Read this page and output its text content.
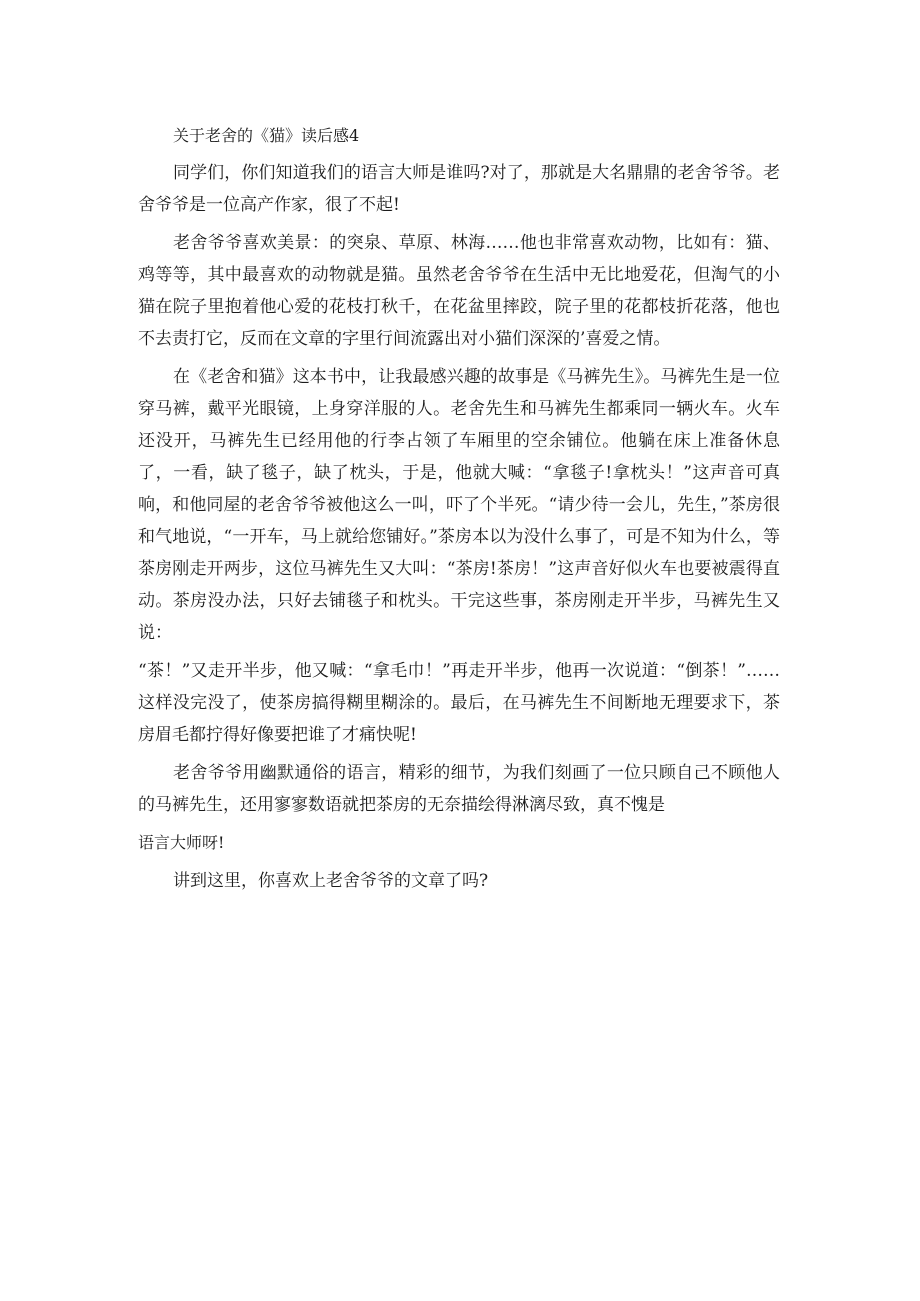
关于老舍的《猫》读后感4

同学们，你们知道我们的语言大师是谁吗?对了，那就是大名鼎鼎的老舍爷爷。老舍爷爷是一位高产作家，很了不起!

老舍爷爷喜欢美景：的突泉、草原、林海……他也非常喜欢动物，比如有：猫、鸡等等，其中最喜欢的动物就是猫。虽然老舍爷爷在生活中无比地爱花，但淘气的小猫在院子里抱着他心爱的花枝打秋千，在花盆里摔跤，院子里的花都枝折花落，他也不去责打它，反而在文章的字里行间流露出对小猫们深深的’喜爱之情。

在《老舍和猫》这本书中，让我最感兴趣的故事是《马裤先生》。马裤先生是一位穿马裤，戴平光眼镜，上身穿洋服的人。老舍先生和马裤先生都乘同一辆火车。火车还没开，马裤先生已经用他的行李占领了车厢里的空余铺位。他躺在床上准备休息了，一看，缺了毯子，缺了枕头，于是，他就大喊：“拿毯子!拿枕头！”这声音可真响，和他同屋的老舍爷爷被他这么一叫，吓了个半死。“请少待一会儿，先生，”茶房很和气地说，“一开车，马上就给您铺好。”茶房本以为没什么事了，可是不知为什么，等茶房刚走开两步，这位马裤先生又大叫：“茶房!茶房！”这声音好似火车也要被震得直动。茶房没办法，只好去铺毯子和枕头。干完这些事，茶房刚走开半步，马裤先生又说：

“茶！”又走开半步，他又喊：“拿毛巾！”再走开半步，他再一次说道：“倒茶！”……这样没完没了，使茶房搞得糊里糊涂的。最后，在马裤先生不间断地无理要求下，茶房眉毛都拧得好像要把谁了才痛快呢!

老舍爷爷用幽默通俗的语言，精彩的细节，为我们刻画了一位只顾自己不顾他人的马裤先生，还用寥寥数语就把茶房的无奈描绘得淋漓尽致，真不愧是

语言大师呀!

讲到这里，你喜欢上老舍爷爷的文章了吗?
